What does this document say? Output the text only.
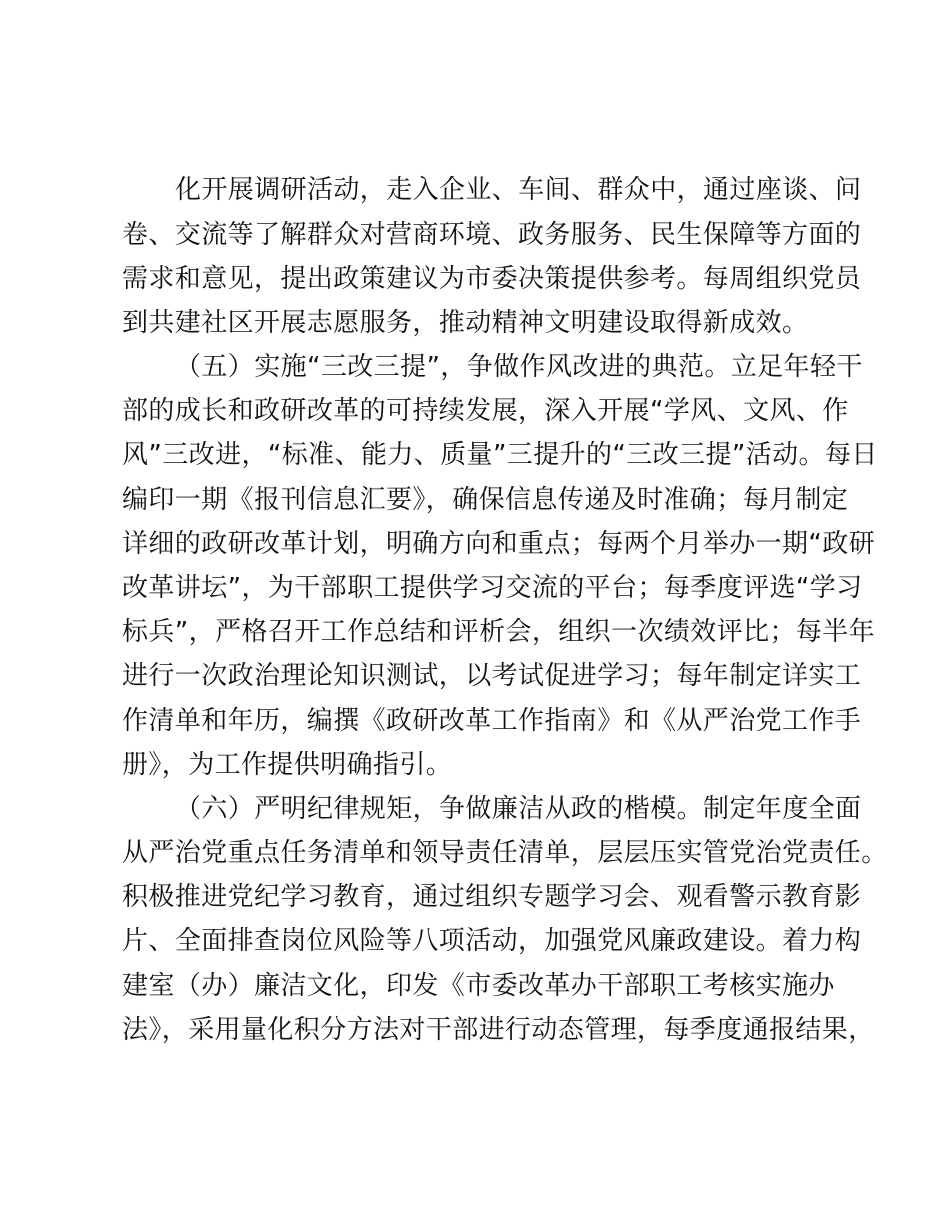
化开展调研活动，走入企业、车间、群众中，通过座谈、问
卷、交流等了解群众对营商环境、政务服务、民生保障等方面的
需求和意见，提出政策建议为市委决策提供参考。每周组织党员
到共建社区开展志愿服务，推动精神文明建设取得新成效。
（五）实施“三改三提”，争做作风改进的典范。立足年轻干
部的成长和政研改革的可持续发展，深入开展“学风、文风、作
风”三改进，“标准、能力、质量”三提升的“三改三提”活动。每日
编印一期《报刊信息汇要》，确保信息传递及时准确；每月制定
详细的政研改革计划，明确方向和重点；每两个月举办一期“政研
改革讲坛”，为干部职工提供学习交流的平台；每季度评选“学习
标兵”，严格召开工作总结和评析会，组织一次绩效评比；每半年
进行一次政治理论知识测试，以考试促进学习；每年制定详实工
作清单和年历，编撰《政研改革工作指南》和《从严治党工作手
册》，为工作提供明确指引。
（六）严明纪律规矩，争做廉洁从政的楷模。制定年度全面
从严治党重点任务清单和领导责任清单，层层压实管党治党责任。
积极推进党纪学习教育，通过组织专题学习会、观看警示教育影
片、全面排查岗位风险等八项活动，加强党风廉政建设。着力构
建室（办）廉洁文化，印发《市委改革办干部职工考核实施办
法》，采用量化积分方法对干部进行动态管理，每季度通报结果，
